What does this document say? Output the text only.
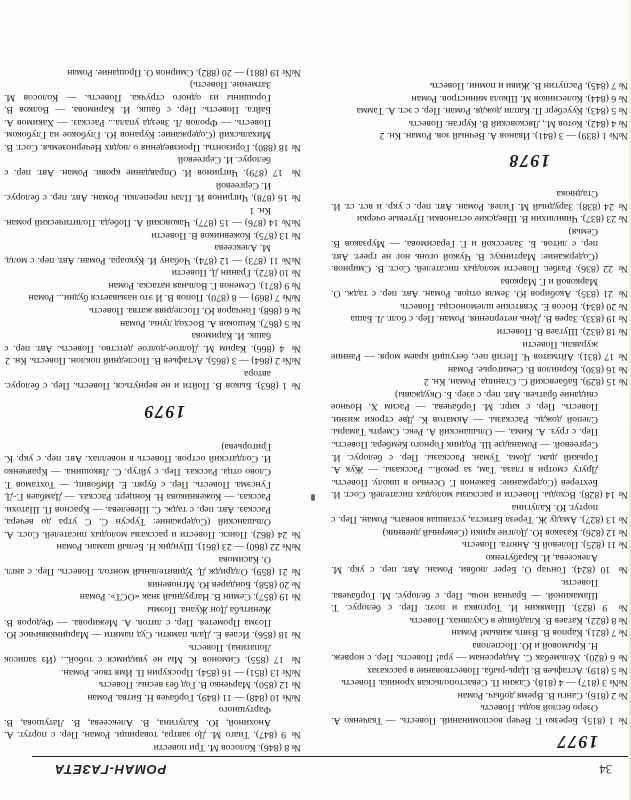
34
РОМАН-ГАЗЕТА
1977

№ 1 (815). Березко Г. Вечер воспоминаний. Повесть. — Ткаченко А. Озеро беглой воды. Повесть

№ 2 (816). Санги В. Время добыч. Роман

№№ 3 (817) — 4 (818). Сажин П. Севастопольская хроника. Повесть

№ 5 (819). Астафьев В. Царь-рыба. Повествование в рассказах

№ 6 (820). Хёльмебак С. Андерсенам — ура! Повесть. Пер. с норвеж. Н. Крымовой и Ю. Поспелова

№ 7 (821). Карпов В. Взять живым! Роман

№ 8 (822). Катаев В. Кладбище в Скулянах. Повесть

№ 9 (823). Шамякин И. Торговка и поэт. Пер. с белорус. Т. Шамакиной. — Брачная ночь. Пер. с белорус. М. Горбачева. Повести.

№ 10 (824). Гончар О. Берег любви. Роман. Авт. пер. с укр. М. Алексеева, И. Карабутенко

№ 11 (825). Полевой Б. Анюта. Повесть

№ 12 (826). Казаков Ю. Долгие крики (Северный дневник)

№ 13 (827). Амаду Ж. Тереза Батиста, уставшая воевать. Роман. Пер. с португ. Ю. Калугина

№ 14 (828). Всходы. Повести и рассказы молодых писателей. Сост. И. Бехтерев (Содержание: Баженов Г. Осенью в школу. Повесть. Другу смотри в глаза. Там, за рекой... Рассказы. — Жук А. Горький дым. Дома. Туман. Рассказы. Пер. с белорус. И. Сергеевой. — Романадзе Ш. Родник Горного Кембера. Повесть. Пер. с груз. А. Кима. — Ольшанский А. Рекс. Смерть Тамары. Слепой дождь. Рассказы. — Акматов К. Две строки жизни. Повесть. Пер. с кирг. М. Горбачева. — Расим Х. Ночное свидание братьев. Авт. пер. с азер. Б. Окуджавы)

№ 15 (829). Бабаевский С. Станица. Роман. Кн. 2

№ 16 (830). Корнилов В. Семигорье. Роман

№ 17 (831). Айтматов Ч. Пегий пес, бегущий краем моря. — Ранние журавли. Повести

№ 18 (832). Шугаев В. Повести

№ 19 (833). Зарев В. День нетерпения. Роман. Пер. с болг. Л. Баша

№ 20 (834). Носов Е. Усвятские шлемоносцы. Повесть

№ 21 (835). Акобиров Ю. Земля отцов. Роман. Авт. пер. с тадж. О. Марковой и Г. Маркова

№ 22 (836). Разбег. Повести молодых писателей. Сост. В. Смирнов. (Содержание: Мартинкус В. Чужой огонь ног не греет. Авт. пер. с литов. Б. Залесской и Г. Герасимова. — Мурзаков В. Семья)

№ 23 (837). Чивилихин В. Шведские остановки. Путевые очерки

№ 24 (838). Зарудный М. Гилея. Роман. Авт. пер. с укр. и вст. ст. И. Стаднюка

1978

№№ 1 (839) — 3 (841). Иванов А. Вечный зов. Роман. Кн. 2

№ 4 (842). Котов М., Лясковский В. Курган. Повесть

№ 5 (843). Куусберг П. Капли дождя. Роман. Пер. с эст. А. Тамма

№ 6 (844). Колесников М. Школа министров. Роман

№ 7 (845). Распутин В. Живи и помни. Повесть

№ 8 (846). Колосов М. Три повести

№ 9 (847). Тиаго М. До завтра, товарищи. Роман. Пер. с португ. А. Анохиной, Ю. Калугина, В. Алексеева, В. Латушова, В. Фартушного

№№ 10 (848) — 11 (849). Горбачев Н. Битва. Роман

№ 12 (850). Марченко В. Год без весны. Повесть

№№ 13 (851) — 16 (854). Проскурин П. Имя твое. Роман.

№ 17 (855). Симонов К. Мы не увидимся с тобой... (Из записок Лопатина). Повесть

№ 18 (856). Исаев Е. Даль памяти. Суд памяти — Марцинкявичюс Ю. Поэма Прометея. Пер. с литов. А. Межирова. — Федоров В. Женитьба Дон Жуана. Поэмы

№ 19 (857). Семин В. Нагрудный знак «ОСТ». Роман

№ 20 (858). Бондарев Ю. Мгновения

№ 21 (859). Олдридж Д. Удивительный монгол. Повесть. Пер. с англ. О. Касимова

№№ 22 (860) — 23 (861). Шундик Н. Белый шаман. Роман

№ 24 (862). Поиск. Повести и рассказы молодых писателей. Сост. А. Ольшанский (Содержание: Турсун С. С утра до вечера. Рассказ. Авт. пер. с тадж. С. Шевелева. — Краснов П. Шатохи. Рассказ. — Кожевникова Н. Концерт. Рассказ. — Дамбаев Г.-Д. Гунсэма. Повесть. Пер. с бурят. Е. Имбовиц. — Тохтамов Т. Слово отца. Рассказ. Пер. с уйгур. С. Лякошина. — Кравченко И. Солдатский остров. Повесть в новеллах. Авт. пер. с укр. К. Григорьева)

1979

№ 1 (863). Быков В. Пойти и не вернуться. Повесть. Пер. с белорус. автора

№№ 2 (864) — 3 (865). Астафьев В. Последний поклон. Повесть. Кн. 2

№ 4 (866). Карим М. Долгое-долгое детство. Повесть. Авт. пер. с башк. И. Каримова

№ 5 (867). Кешоков А. Восход луны. Роман

№ 6 (868). Гончаров Ю. Последняя жатва. Повесть

№№ 7 (869) — 8 (870). Попов В. И это называется будни... Роман

№ 9 (871). Семенов Г. Вольная натаска. Роман

№ 10 (872). Гранин Д. Повести

№№ 11 (873) — 12 (874). Чобану И. Кукоара. Роман. Авт. пер. с молд. М. Алексеева

№ 13 (875). Кожевников В. Повести

№№ 14 (876) — 15 (877). Чаковский А. Победа. Политический роман. Кн. 1

№ 16 (878). Чигринов И. Плач перепелки. Роман. Авт. пер. с белорус. И. Сергеевой

№ 17 (879). Чигринов И. Оправдание крови. Роман. Авт. пер. с белорус. И. Сергеевой

№ 18 (880). Горизонты. Произведения о людях Нечерноземья. Сост. В. Михальский (Содержание: Куранов Ю. Глубокое на Глубоком. Повесть. — Фролов Л. Звезда упала... Рассказ. — Хакимов А. Байга. Повесть. Пер. с башк. И. Каримова. — Волков В. Горошины из одного стручка. Повесть. — Колосов М. Затмение. Повесть)

№№ 19 (881) — 20 (882). Смирнов О. Прощание. Роман
